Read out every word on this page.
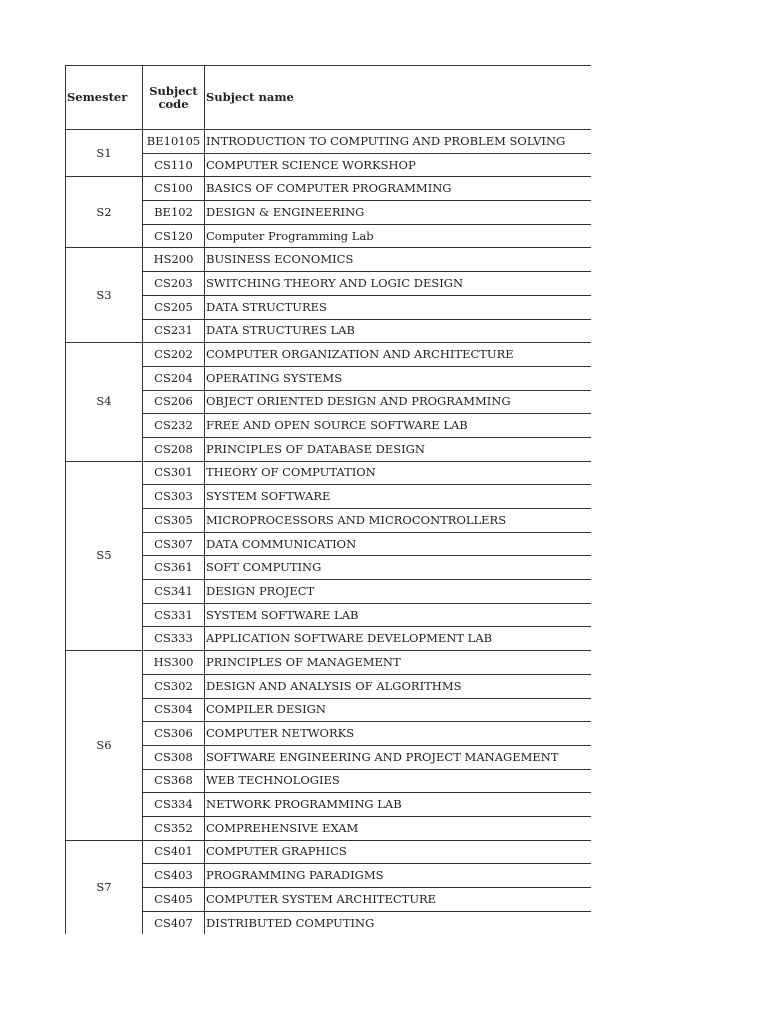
Semester	Subject code	Subject name
S1	BE10105	INTRODUCTION TO COMPUTING AND PROBLEM SOLVING
	CS110	COMPUTER SCIENCE WORKSHOP
S2	CS100	BASICS OF COMPUTER PROGRAMMING
	BE102	DESIGN & ENGINEERING
	CS120	Computer Programming Lab
S3	HS200	BUSINESS ECONOMICS
	CS203	SWITCHING THEORY AND LOGIC DESIGN
	CS205	DATA STRUCTURES
	CS231	DATA STRUCTURES LAB
S4	CS202	COMPUTER ORGANIZATION AND ARCHITECTURE
	CS204	OPERATING SYSTEMS
	CS206	OBJECT ORIENTED DESIGN AND PROGRAMMING
	CS232	FREE AND OPEN SOURCE SOFTWARE LAB
	CS208	PRINCIPLES OF DATABASE DESIGN
S5	CS301	THEORY OF COMPUTATION
	CS303	SYSTEM SOFTWARE
	CS305	MICROPROCESSORS AND MICROCONTROLLERS
	CS307	DATA COMMUNICATION
	CS361	SOFT COMPUTING
	CS341	DESIGN PROJECT
	CS331	SYSTEM SOFTWARE LAB
	CS333	APPLICATION SOFTWARE DEVELOPMENT LAB
S6	HS300	PRINCIPLES OF MANAGEMENT
	CS302	DESIGN AND ANALYSIS OF ALGORITHMS
	CS304	COMPILER DESIGN
	CS306	COMPUTER NETWORKS
	CS308	SOFTWARE ENGINEERING AND PROJECT MANAGEMENT
	CS368	WEB TECHNOLOGIES
	CS334	NETWORK PROGRAMMING LAB
	CS352	COMPREHENSIVE EXAM
S7	CS401	COMPUTER GRAPHICS
	CS403	PROGRAMMING PARADIGMS
	CS405	COMPUTER SYSTEM ARCHITECTURE
	CS407	DISTRIBUTED COMPUTING
